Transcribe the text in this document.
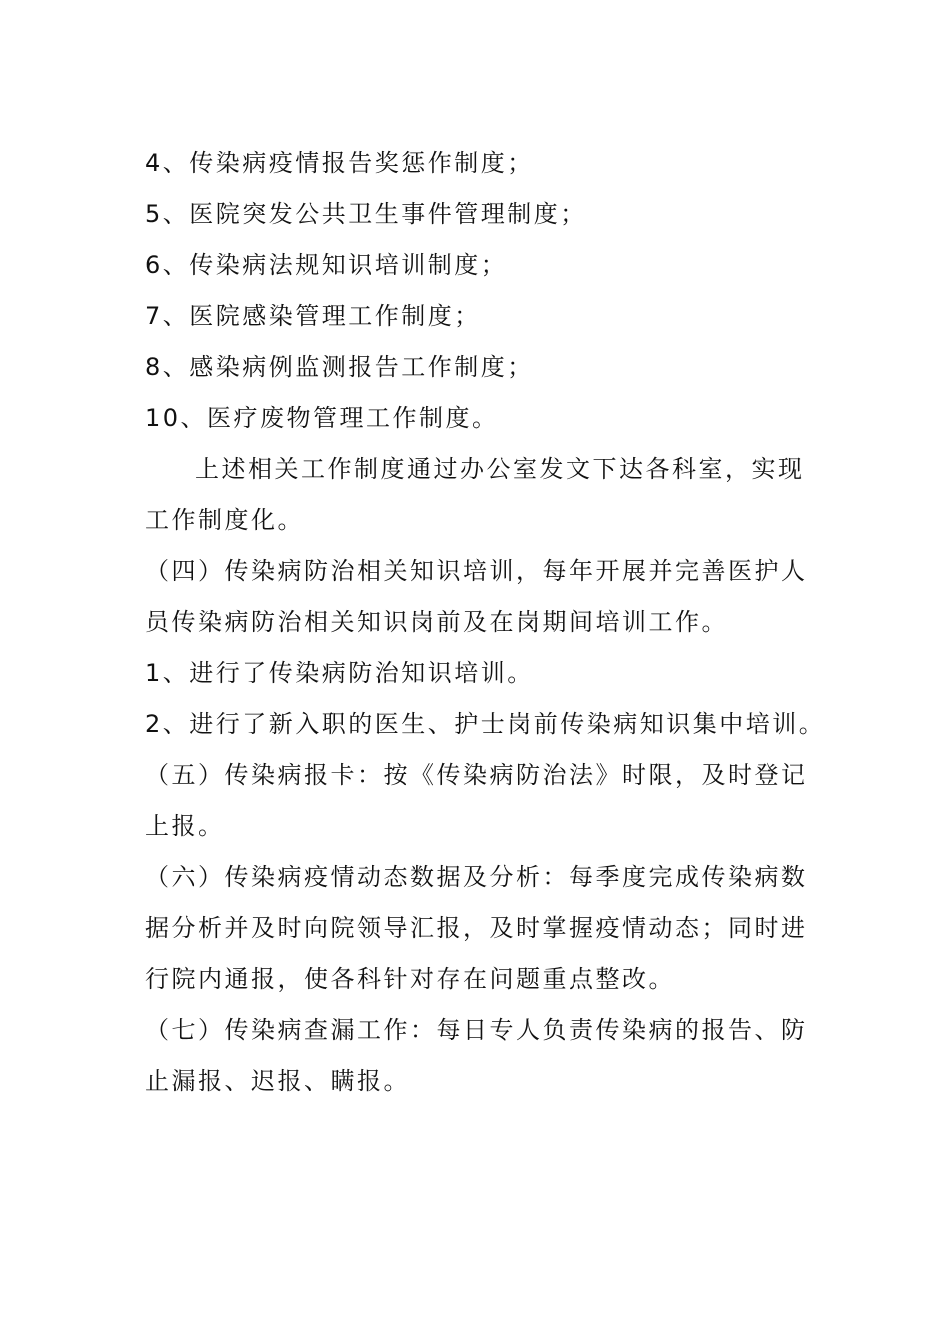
4、传染病疫情报告奖惩作制度；

5、医院突发公共卫生事件管理制度；

6、传染病法规知识培训制度；

7、医院感染管理工作制度；

8、感染病例监测报告工作制度；

10、医疗废物管理工作制度。

上述相关工作制度通过办公室发文下达各科室，实现

工作制度化。

（四）传染病防治相关知识培训，每年开展并完善医护人

员传染病防治相关知识岗前及在岗期间培训工作。

1、进行了传染病防治知识培训。

2、进行了新入职的医生、护士岗前传染病知识集中培训。

（五）传染病报卡：按《传染病防治法》时限，及时登记

上报。

（六）传染病疫情动态数据及分析：每季度完成传染病数

据分析并及时向院领导汇报，及时掌握疫情动态；同时进

行院内通报，使各科针对存在问题重点整改。

（七）传染病查漏工作：每日专人负责传染病的报告、防

止漏报、迟报、瞒报。
